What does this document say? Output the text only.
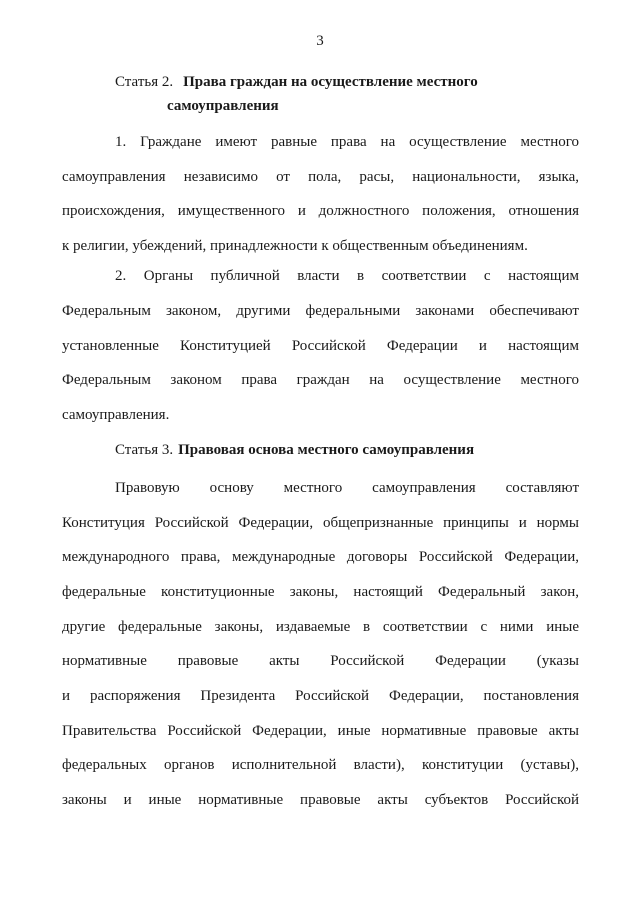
3
Статья 2. Права граждан на осуществление местного
самоуправления
1. Граждане имеют равные права на осуществление местного
самоуправления независимо от пола, расы, национальности, языка,
происхождения, имущественного и должностного положения, отношения
к религии, убеждений, принадлежности к общественным объединениям.
2. Органы публичной власти в соответствии с настоящим
Федеральным законом, другими федеральными законами обеспечивают
установленные Конституцией Российской Федерации и настоящим
Федеральным законом права граждан на осуществление местного
самоуправления.
Статья 3. Правовая основа местного самоуправления
Правовую основу местного самоуправления составляют
Конституция Российской Федерации, общепризнанные принципы и нормы
международного права, международные договоры Российской Федерации,
федеральные конституционные законы, настоящий Федеральный закон,
другие федеральные законы, издаваемые в соответствии с ними иные
нормативные правовые акты Российской Федерации (указы
и распоряжения Президента Российской Федерации, постановления
Правительства Российской Федерации, иные нормативные правовые акты
федеральных органов исполнительной власти), конституции (уставы),
законы и иные нормативные правовые акты субъектов Российской
